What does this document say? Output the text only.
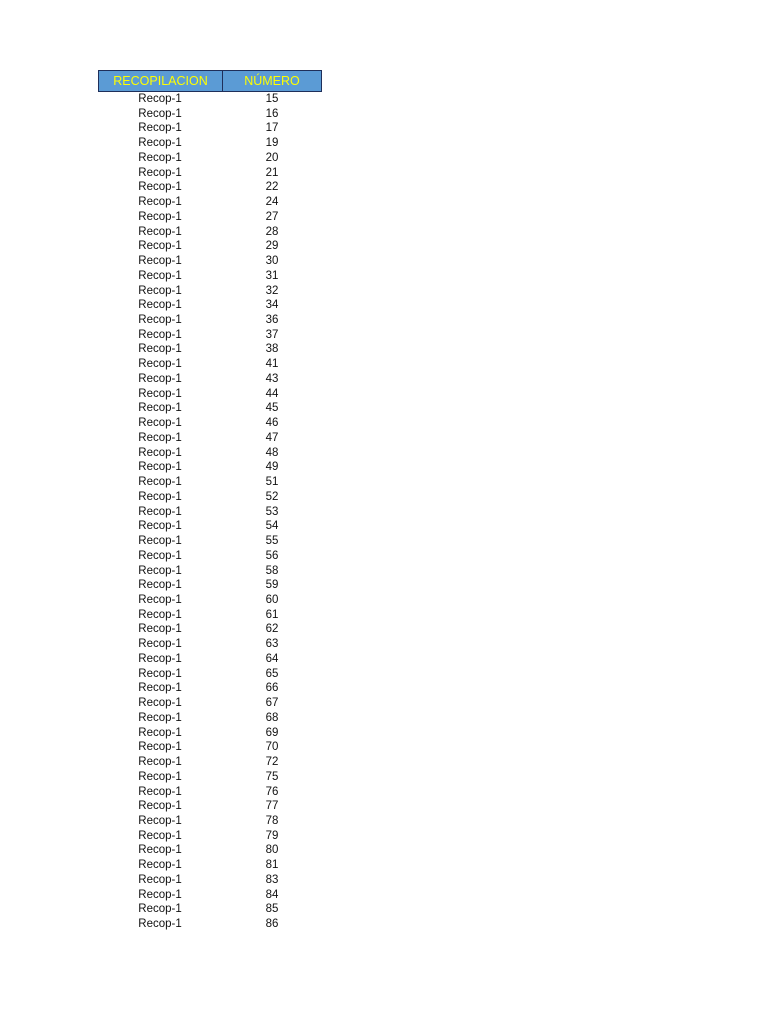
RECOPILACION	NÚMERO
Recop-1	15
Recop-1	16
Recop-1	17
Recop-1	19
Recop-1	20
Recop-1	21
Recop-1	22
Recop-1	24
Recop-1	27
Recop-1	28
Recop-1	29
Recop-1	30
Recop-1	31
Recop-1	32
Recop-1	34
Recop-1	36
Recop-1	37
Recop-1	38
Recop-1	41
Recop-1	43
Recop-1	44
Recop-1	45
Recop-1	46
Recop-1	47
Recop-1	48
Recop-1	49
Recop-1	51
Recop-1	52
Recop-1	53
Recop-1	54
Recop-1	55
Recop-1	56
Recop-1	58
Recop-1	59
Recop-1	60
Recop-1	61
Recop-1	62
Recop-1	63
Recop-1	64
Recop-1	65
Recop-1	66
Recop-1	67
Recop-1	68
Recop-1	69
Recop-1	70
Recop-1	72
Recop-1	75
Recop-1	76
Recop-1	77
Recop-1	78
Recop-1	79
Recop-1	80
Recop-1	81
Recop-1	83
Recop-1	84
Recop-1	85
Recop-1	86
